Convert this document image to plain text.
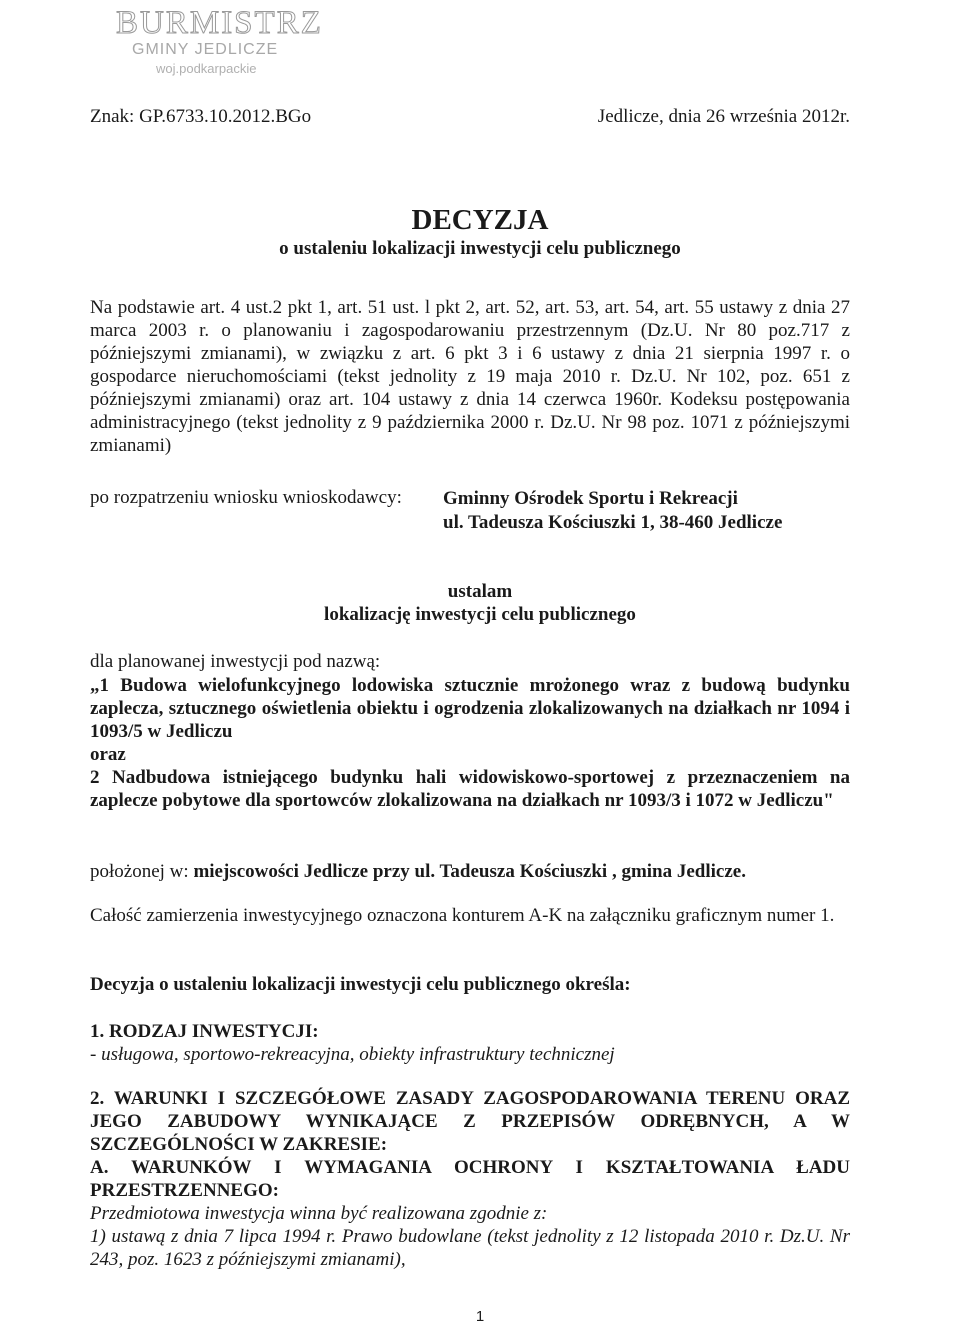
BURMISTRZ
GMINY JEDLICZE
woj.podkarpackie
Znak: GP.6733.10.2012.BGo	Jedlicze, dnia 26 września 2012r.
DECYZJA
o ustaleniu lokalizacji inwestycji celu publicznego
Na podstawie art. 4 ust.2 pkt 1, art. 51 ust. l pkt 2, art. 52, art. 53, art. 54, art. 55 ustawy z dnia 27 marca 2003 r. o planowaniu i zagospodarowaniu przestrzennym (Dz.U. Nr 80 poz.717 z późniejszymi zmianami), w związku z art. 6 pkt 3 i 6 ustawy z dnia 21 sierpnia 1997 r. o gospodarce nieruchomościami (tekst jednolity z 19 maja 2010 r. Dz.U. Nr 102, poz. 651 z późniejszymi zmianami) oraz art. 104 ustawy z dnia 14 czerwca 1960r. Kodeksu postępowania administracyjnego (tekst jednolity z 9 października 2000 r. Dz.U. Nr 98 poz. 1071 z późniejszymi zmianami)
po rozpatrzeniu wniosku wnioskodawcy: Gminny Ośrodek Sportu i Rekreacji
ul. Tadeusza Kościuszki 1, 38-460 Jedlicze
ustalam
lokalizację inwestycji celu publicznego
dla planowanej inwestycji pod nazwą:
„1 Budowa wielofunkcyjnego lodowiska sztucznie mrożonego wraz z budową budynku zaplecza, sztucznego oświetlenia obiektu i ogrodzenia zlokalizowanych na działkach nr 1094 i 1093/5 w Jedliczu
oraz
2 Nadbudowa istniejącego budynku hali widowiskowo-sportowej z przeznaczeniem na zaplecze pobytowe dla sportowców zlokalizowana na działkach nr 1093/3 i 1072 w Jedliczu"
położonej w: miejscowości Jedlicze przy ul. Tadeusza Kościuszki , gmina Jedlicze.
Całość zamierzenia inwestycyjnego oznaczona konturem A-K na załączniku graficznym numer 1.
Decyzja o ustaleniu lokalizacji inwestycji celu publicznego określa:
1. RODZAJ INWESTYCJI:
- usługowa, sportowo-rekreacyjna, obiekty infrastruktury technicznej
2. WARUNKI I SZCZEGÓŁOWE ZASADY ZAGOSPODAROWANIA TERENU ORAZ JEGO ZABUDOWY WYNIKAJĄCE Z PRZEPISÓW ODRĘBNYCH, A W SZCZEGÓLNOŚCI W ZAKRESIE:
A. WARUNKÓW I WYMAGANIA OCHRONY I KSZTAŁTOWANIA ŁADU PRZESTRZENNEGO:
Przedmiotowa inwestycja winna być realizowana zgodnie z:
1) ustawą z dnia 7 lipca 1994 r. Prawo budowlane (tekst jednolity z 12 listopada 2010 r. Dz.U. Nr 243, poz. 1623 z późniejszymi zmianami),
1
